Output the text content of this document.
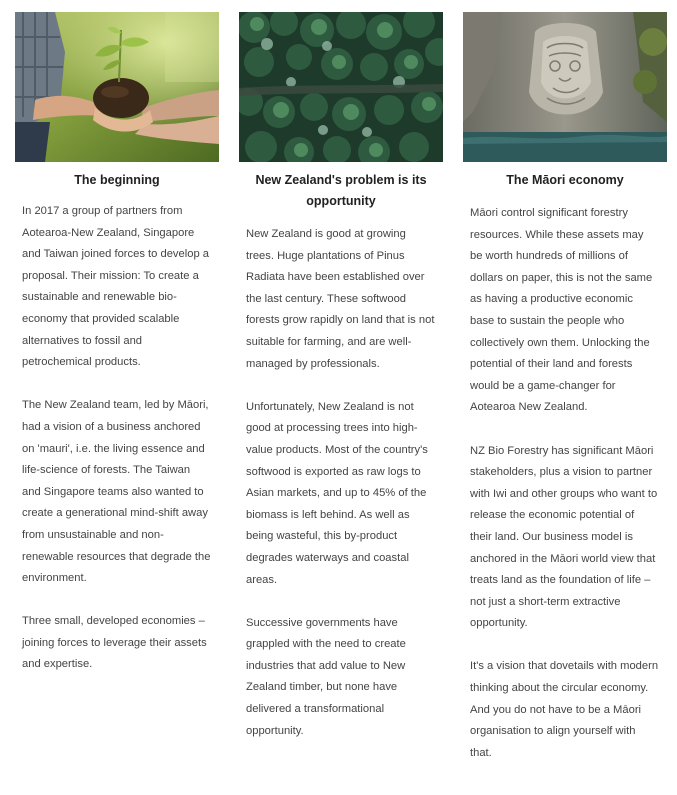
The beginning

In 2017 a group of partners from Aotearoa-New Zealand, Singapore and Taiwan joined forces to develop a proposal. Their mission: To create a sustainable and renewable bio-economy that provided scalable alternatives to fossil and petrochemical products.

The New Zealand team, led by Māori, had a vision of a business anchored on 'mauri', i.e. the living essence and life-science of forests. The Taiwan and Singapore teams also wanted to create a generational mind-shift away from unsustainable and non-renewable resources that degrade the environment.

Three small, developed economies – joining forces to leverage their assets and expertise.

New Zealand's problem is its opportunity

New Zealand is good at growing trees. Huge plantations of Pinus Radiata have been established over the last century. These softwood forests grow rapidly on land that is not suitable for farming, and are well-managed by professionals.

Unfortunately, New Zealand is not good at processing trees into high-value products. Most of the country's softwood is exported as raw logs to Asian markets, and up to 45% of the biomass is left behind. As well as being wasteful, this by-product degrades waterways and coastal areas.

Successive governments have grappled with the need to create industries that add value to New Zealand timber, but none have delivered a transformational opportunity.

The Māori economy

Māori control significant forestry resources. While these assets may be worth hundreds of millions of dollars on paper, this is not the same as having a productive economic base to sustain the people who collectively own them. Unlocking the potential of their land and forests would be a game-changer for Aotearoa New Zealand.

NZ Bio Forestry has significant Māori stakeholders, plus a vision to partner with Iwi and other groups who want to release the economic potential of their land. Our business model is anchored in the Māori world view that treats land as the foundation of life – not just a short-term extractive opportunity.

It's a vision that dovetails with modern thinking about the circular economy. And you do not have to be a Māori organisation to align yourself with that.
